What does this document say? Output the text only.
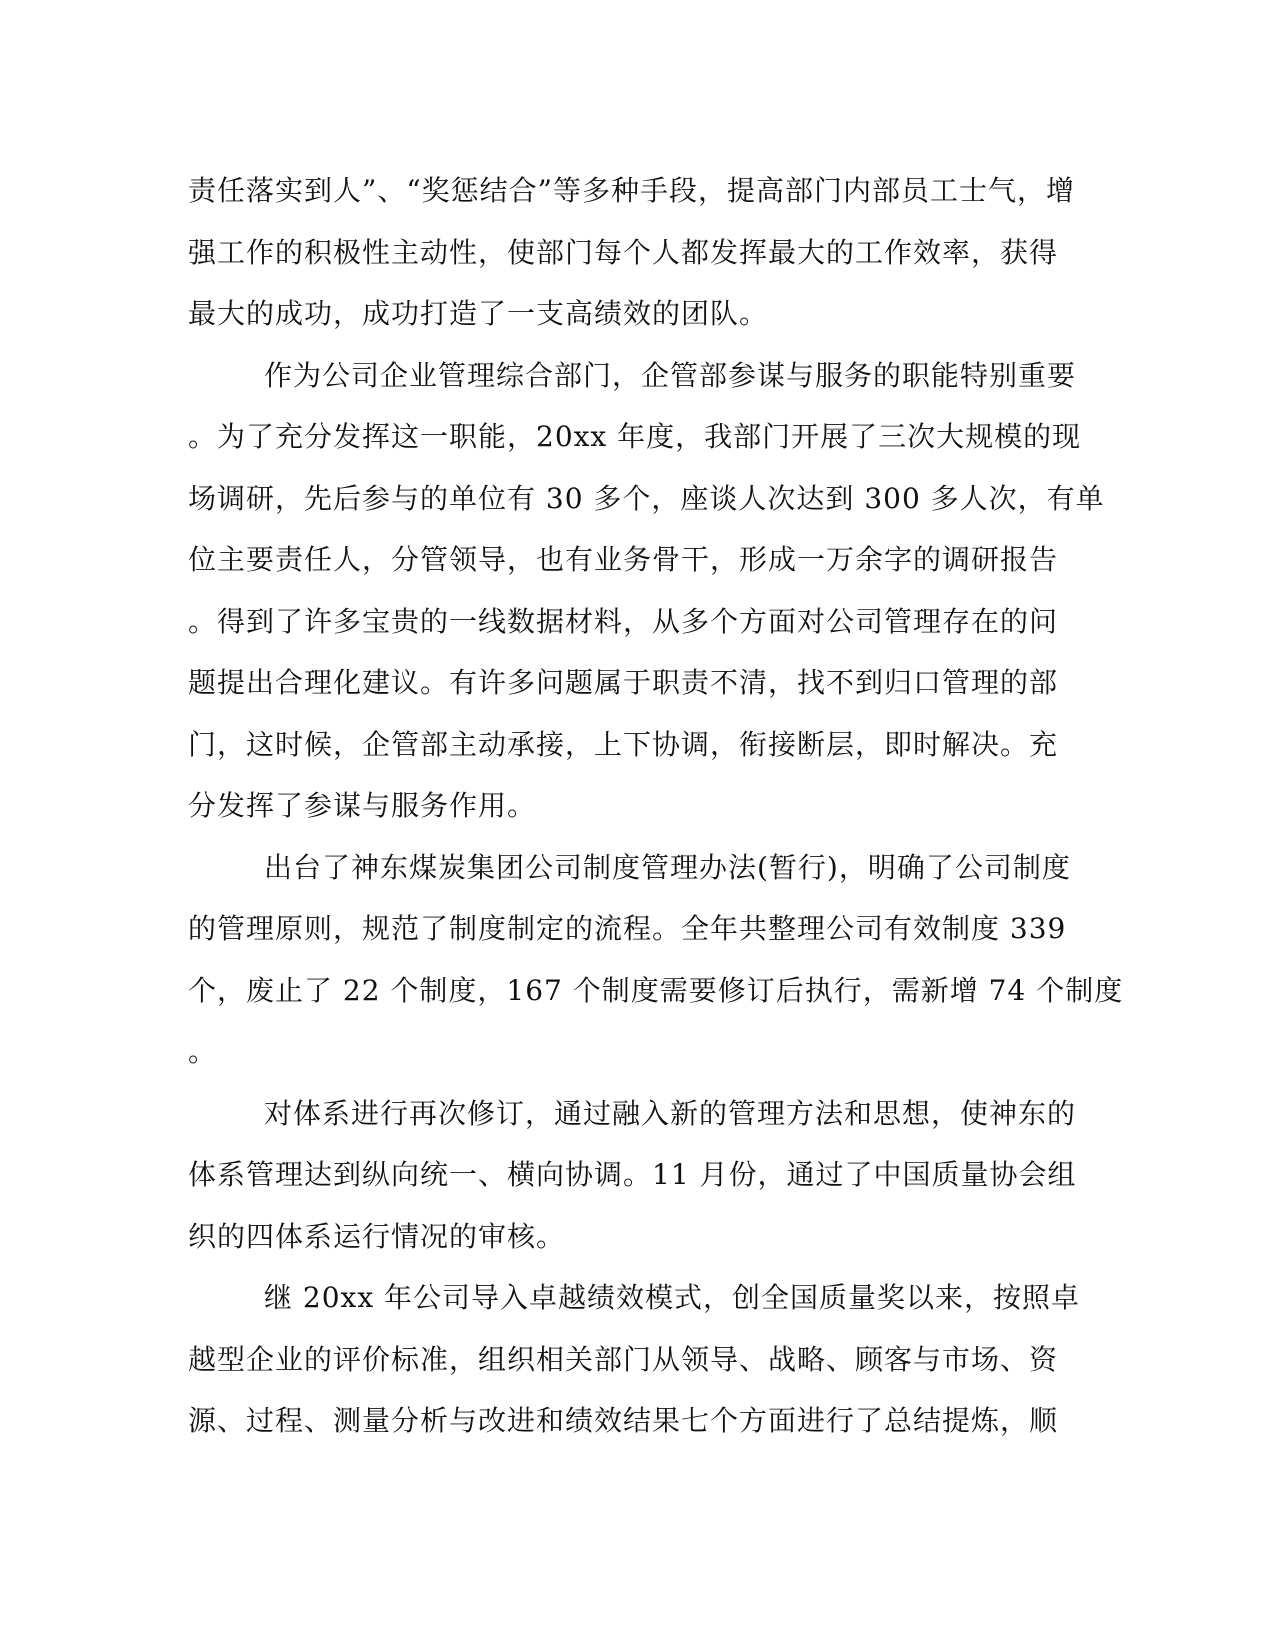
责任落实到人”、“奖惩结合”等多种手段，提高部门内部员工士气，增
强工作的积极性主动性，使部门每个人都发挥最大的工作效率，获得
最大的成功，成功打造了一支高绩效的团队。
作为公司企业管理综合部门，企管部参谋与服务的职能特别重要
。为了充分发挥这一职能，20xx 年度，我部门开展了三次大规模的现
场调研，先后参与的单位有 30 多个，座谈人次达到 300 多人次，有单
位主要责任人，分管领导，也有业务骨干，形成一万余字的调研报告
。得到了许多宝贵的一线数据材料，从多个方面对公司管理存在的问
题提出合理化建议。有许多问题属于职责不清，找不到归口管理的部
门，这时候，企管部主动承接，上下协调，衔接断层，即时解决。充
分发挥了参谋与服务作用。
出台了神东煤炭集团公司制度管理办法(暂行)，明确了公司制度
的管理原则，规范了制度制定的流程。全年共整理公司有效制度 339
个，废止了 22 个制度，167 个制度需要修订后执行，需新增 74 个制度
。
对体系进行再次修订，通过融入新的管理方法和思想，使神东的
体系管理达到纵向统一、横向协调。11 月份，通过了中国质量协会组
织的四体系运行情况的审核。
继 20xx 年公司导入卓越绩效模式，创全国质量奖以来，按照卓
越型企业的评价标准，组织相关部门从领导、战略、顾客与市场、资
源、过程、测量分析与改进和绩效结果七个方面进行了总结提炼，顺
